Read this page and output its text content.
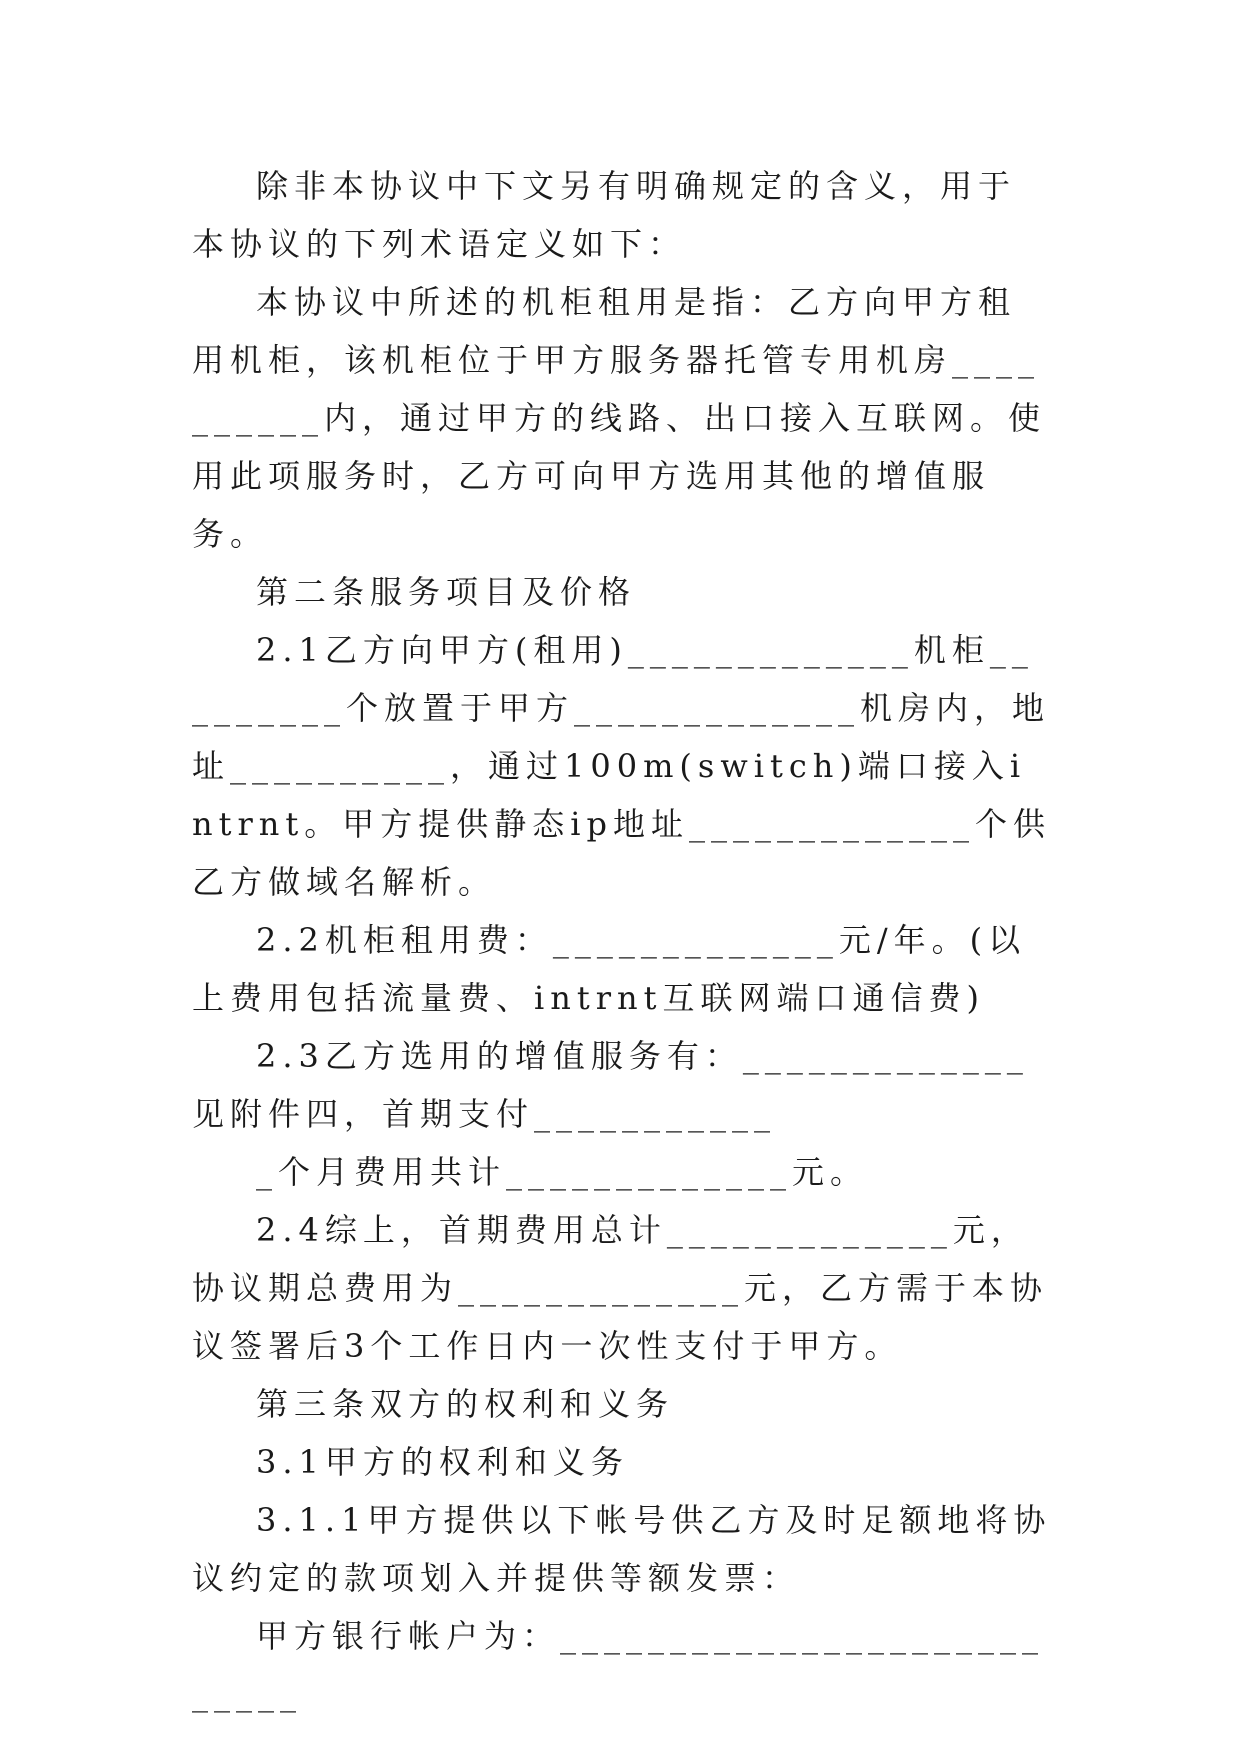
除非本协议中下文另有明确规定的含义，用于本协议的下列术语定义如下：

本协议中所述的机柜租用是指：乙方向甲方租用机柜，该机柜位于甲方服务器托管专用机房__________内，通过甲方的线路、出口接入互联网。使用此项服务时，乙方可向甲方选用其他的增值服务。

第二条服务项目及价格

2.1乙方向甲方(租用)_____________机柜_________个放置于甲方_____________机房内，地址__________，通过100m(switch)端口接入intrnt。甲方提供静态ip地址_____________个供乙方做域名解析。

2.2机柜租用费：_____________元/年。(以上费用包括流量费、intrnt互联网端口通信费)

2.3乙方选用的增值服务有：_____________见附件四，首期支付___________

_个月费用共计_____________元。

2.4综上，首期费用总计_____________元，协议期总费用为_____________元，乙方需于本协议签署后3个工作日内一次性支付于甲方。

第三条双方的权利和义务

3.1甲方的权利和义务

3.1.1甲方提供以下帐号供乙方及时足额地将协议约定的款项划入并提供等额发票：

甲方银行帐户为：___________________________
